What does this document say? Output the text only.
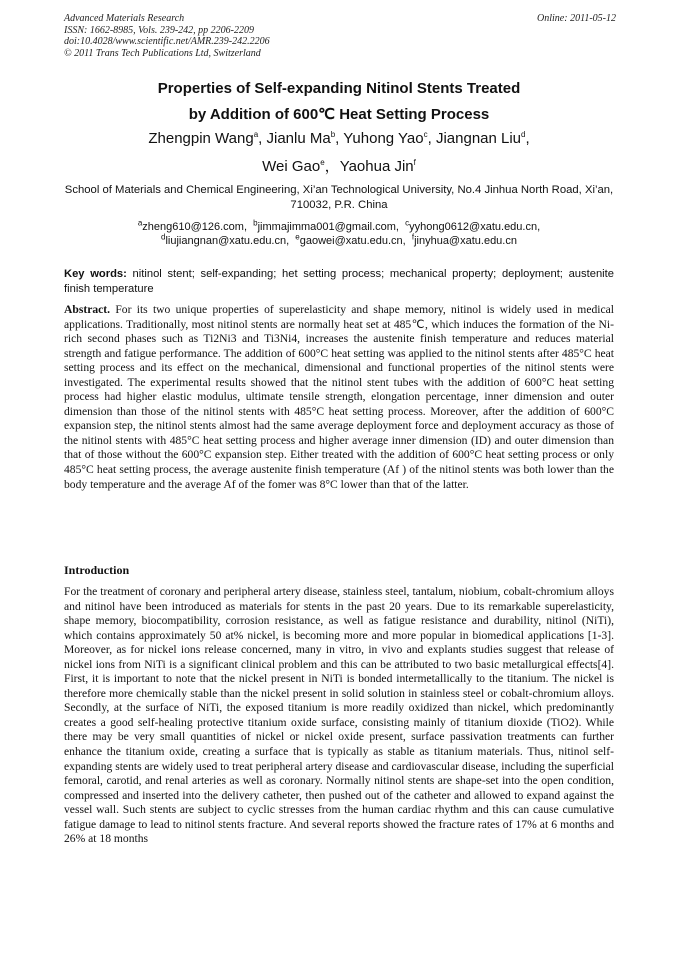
Advanced Materials Research
ISSN: 1662-8985, Vols. 239-242, pp 2206-2209
doi:10.4028/www.scientific.net/AMR.239-242.2206
© 2011 Trans Tech Publications Ltd, Switzerland
Online: 2011-05-12
Properties of Self-expanding Nitinol Stents Treated
by Addition of 600℃ Heat Setting Process
Zhengpin Wang$^a$, Jianlu Ma$^b$, Yuhong Yao$^c$, Jiangnan Liu$^d$,
Wei Gao$^e$，Yaohua Jin$^f$
School of Materials and Chemical Engineering, Xi’an Technological University, No.4 Jinhua North Road, Xi’an, 710032, P.R. China
$^a$zheng610@126.com, $^b$jimmajimma001@gmail.com, $^c$yyhong0612@xatu.edu.cn,
$^d$liujiangnan@xatu.edu.cn, $^e$gaowei@xatu.edu.cn, $^f$jinyhua@xatu.edu.cn
Key words: nitinol stent; self-expanding; het setting process; mechanical property; deployment; austenite finish temperature
Abstract. For its two unique properties of superelasticity and shape memory, nitinol is widely used in medical applications. Traditionally, most nitinol stents are normally heat set at 485℃, which induces the formation of the Ni-rich second phases such as Ti2Ni3 and Ti3Ni4, increases the austenite finish temperature and reduces material strength and fatigue performance. The addition of 600°C heat setting was applied to the nitinol stents after 485°C heat setting process and its effect on the mechanical, dimensional and functional properties of the nitinol stents were investigated. The experimental results showed that the nitinol stent tubes with the addition of 600°C heat setting process had higher elastic modulus, ultimate tensile strength, elongation percentage, inner dimension and outer dimension than those of the nitinol stents with 485°C heat setting process. Moreover, after the addition of 600°C expansion step, the nitinol stents almost had the same average deployment force and deployment accuracy as those of the nitinol stents with 485°C heat setting process and higher average inner dimension (ID) and outer dimension than that of those without the 600°C expansion step. Either treated with the addition of 600°C heat setting process or only 485°C heat setting process, the average austenite finish temperature (Af ) of the nitinol stents was both lower than the body temperature and the average Af of the fomer was 8°C lower than that of the latter.
Introduction
For the treatment of coronary and peripheral artery disease, stainless steel, tantalum, niobium, cobalt-chromium alloys and nitinol have been introduced as materials for stents in the past 20 years. Due to its remarkable superelasticity, shape memory, biocompatibility, corrosion resistance, as well as fatigue resistance and durability, nitinol (NiTi), which contains approximately 50 at% nickel, is becoming more and more popular in biomedical applications [1-3]. Moreover, as for nickel ions release concerned, many in vitro, in vivo and explants studies suggest that release of nickel ions from NiTi is a significant clinical problem and this can be attributed to two basic metallurgical effects[4]. First, it is important to note that the nickel present in NiTi is bonded intermetallically to the titanium. The nickel is therefore more chemically stable than the nickel present in solid solution in stainless steel or cobalt-chromium alloys. Secondly, at the surface of NiTi, the exposed titanium is more readily oxidized than nickel, which predominantly creates a good self-healing protective titanium oxide surface, consisting mainly of titanium dioxide (TiO2). While there may be very small quantities of nickel or nickel oxide present, surface passivation treatments can further enhance the titanium oxide, creating a surface that is typically as stable as titanium materials. Thus, nitinol self-expanding stents are widely used to treat peripheral artery disease and cardiovascular disease, including the superficial femoral, carotid, and renal arteries as well as coronary. Normally nitinol stents are shape-set into the open condition, compressed and inserted into the delivery catheter, then pushed out of the catheter and allowed to expand against the vessel wall. Such stents are subject to cyclic stresses from the human cardiac rhythm and this can cause cumulative fatigue damage to lead to nitinol stents fracture. And several reports showed the fracture rates of 17% at 6 months and 26% at 18 months
